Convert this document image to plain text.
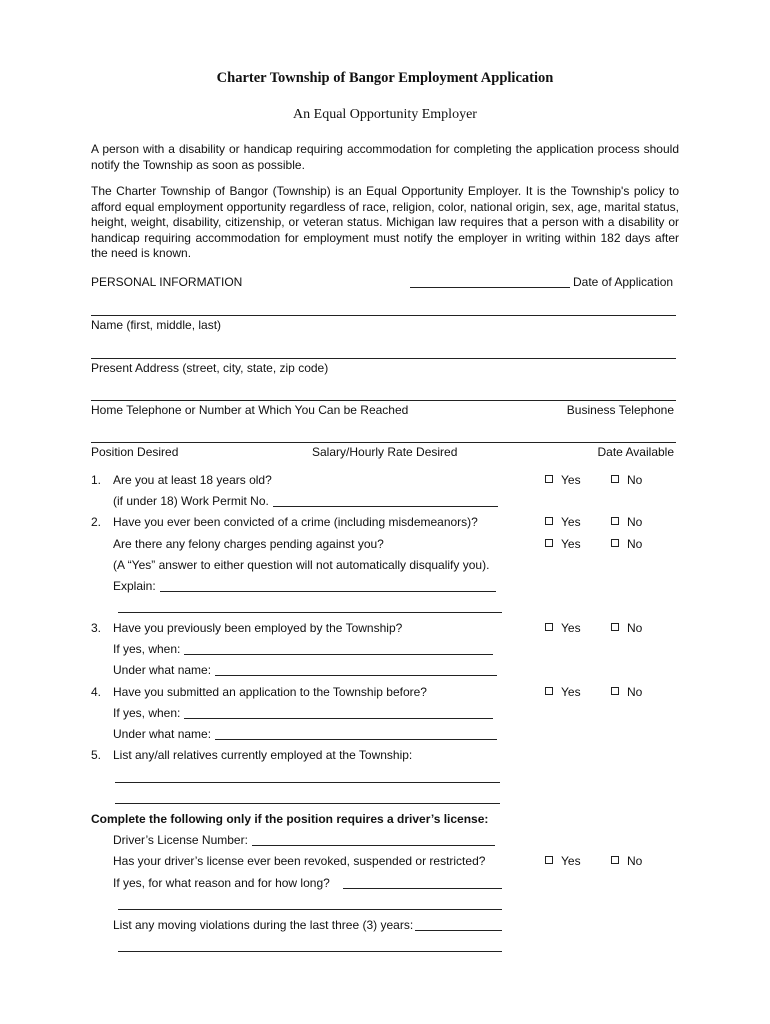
Charter Township of Bangor Employment Application
An Equal Opportunity Employer
A person with a disability or handicap requiring accommodation for completing the application process should notify the Township as soon as possible.
The Charter Township of Bangor (Township) is an Equal Opportunity Employer. It is the Township's policy to afford equal employment opportunity regardless of race, religion, color, national origin, sex, age, marital status, height, weight, disability, citizenship, or veteran status. Michigan law requires that a person with a disability or handicap requiring accommodation for employment must notify the employer in writing within 182 days after the need is known.
PERSONAL INFORMATION	Date of Application
Name (first, middle, last)
Present Address (street, city, state, zip code)
Home Telephone or Number at Which You Can be Reached	Business Telephone
Position Desired	Salary/Hourly Rate Desired	Date Available
1. Are you at least 18 years old?	Yes	No
(if under 18) Work Permit No.
2. Have you ever been convicted of a crime (including misdemeanors)?	Yes	No
Are there any felony charges pending against you?	Yes	No
(A “Yes” answer to either question will not automatically disqualify you).
Explain:
3. Have you previously been employed by the Township?	Yes	No
If yes, when:
Under what name:
4. Have you submitted an application to the Township before?	Yes	No
If yes, when:
Under what name:
5. List any/all relatives currently employed at the Township:
Complete the following only if the position requires a driver’s license:
Driver’s License Number:
Has your driver’s license ever been revoked, suspended or restricted?	Yes	No
If yes, for what reason and for how long?
List any moving violations during the last three (3) years:
